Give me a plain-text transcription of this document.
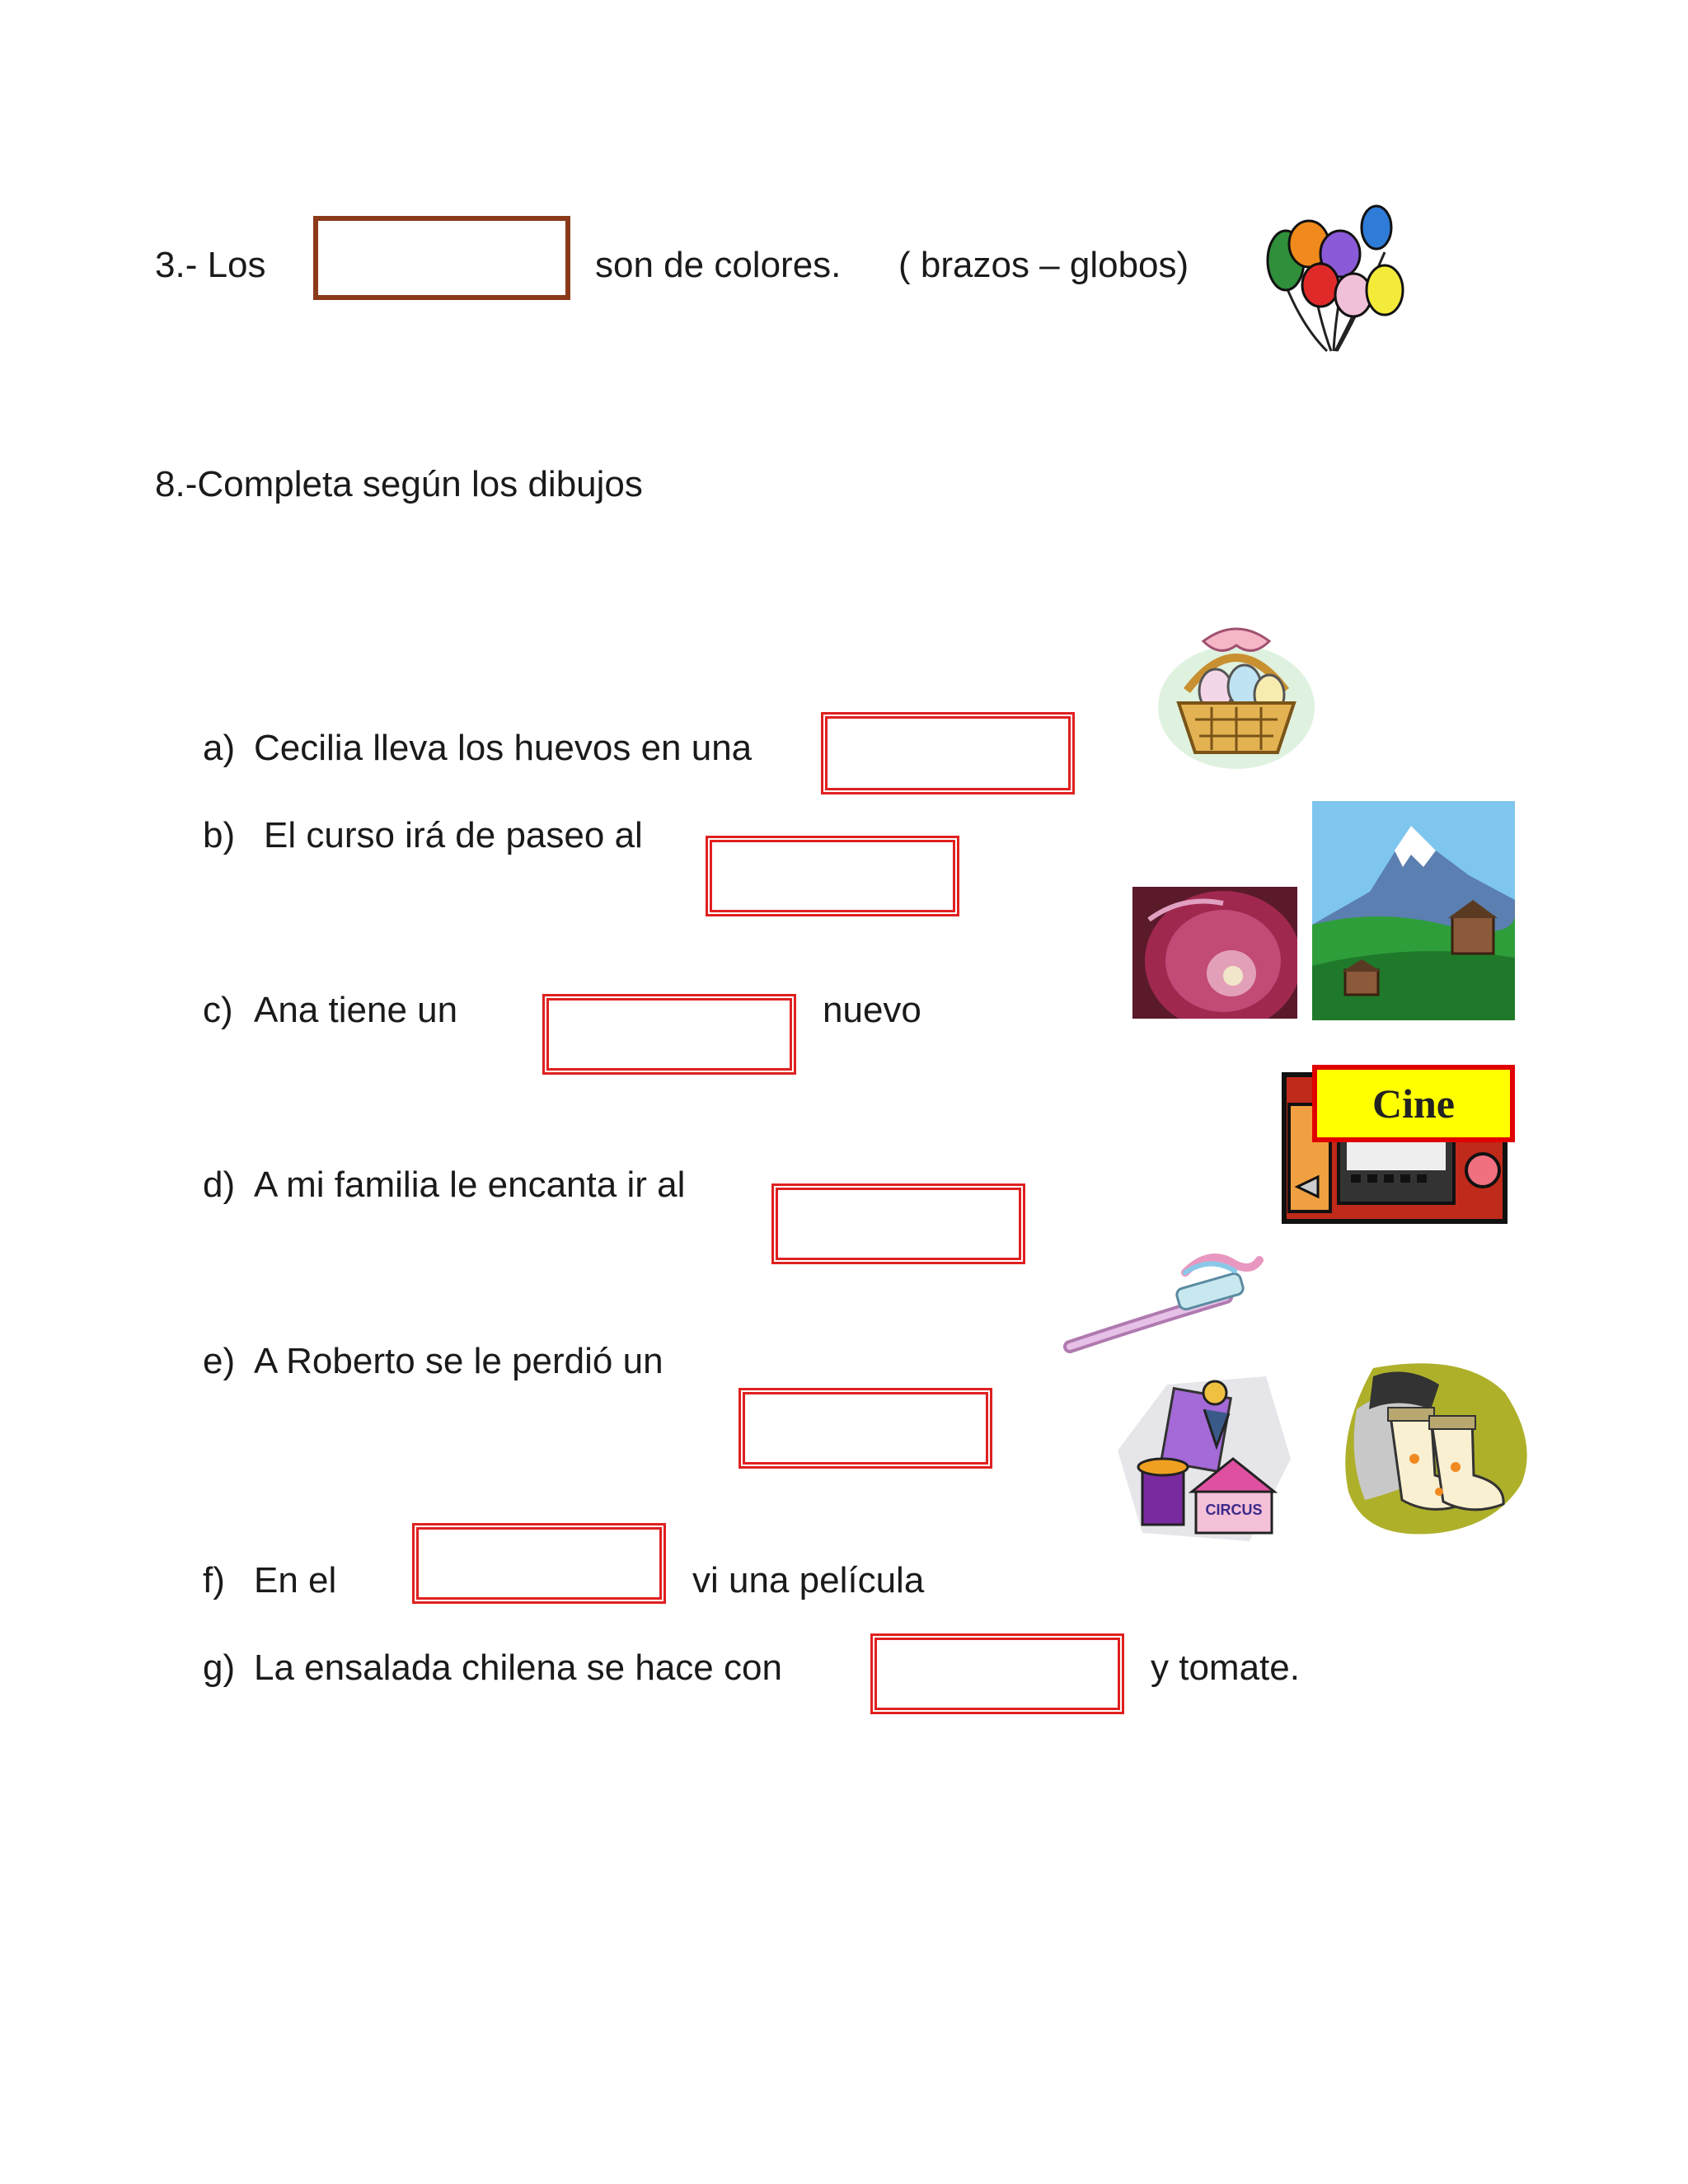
3.- Los	son de colores. ( brazos – globos)
8.-Completa según los dibujos
a) Cecilia lleva los huevos en una
b) El curso irá de paseo al
c) Ana tiene un	nuevo
d) A mi familia le encanta ir al
e) A Roberto se le perdió un
f) En el	vi una película
g) La ensalada chilena se hace con	y tomate.
Cine
CIRCUS
